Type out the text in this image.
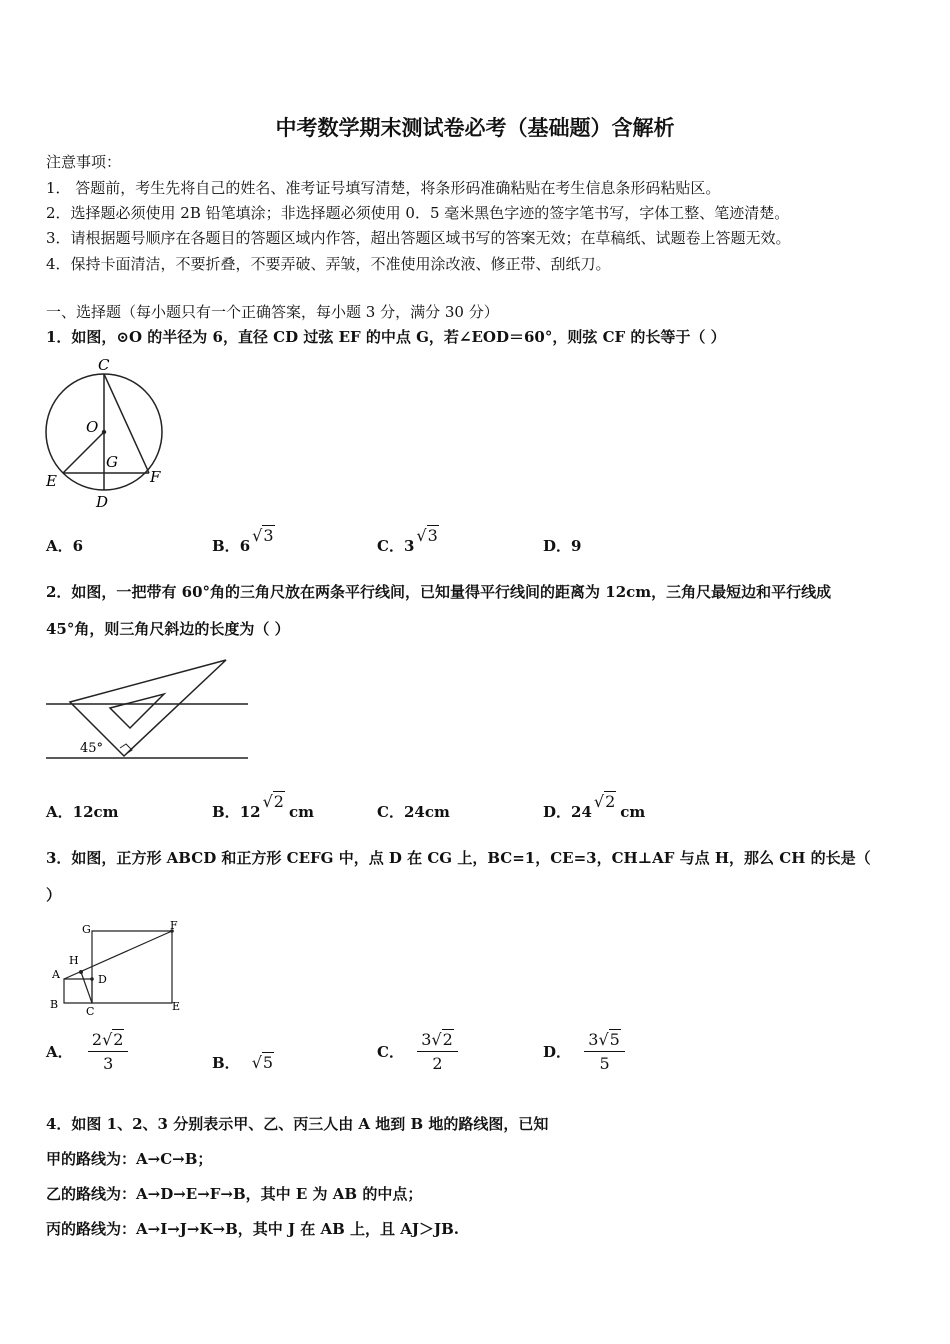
中考数学期末测试卷必考（基础题）含解析
注意事项：
1． 答题前，考生先将自己的姓名、准考证号填写清楚，将条形码准确粘贴在考生信息条形码粘贴区。
2．选择题必须使用 2B 铅笔填涂；非选择题必须使用 0．5 毫米黑色字迹的签字笔书写，字体工整、笔迹清楚。
3．请根据题号顺序在各题目的答题区域内作答，超出答题区域书写的答案无效；在草稿纸、试题卷上答题无效。
4．保持卡面清洁，不要折叠，不要弄破、弄皱，不准使用涂改液、修正带、刮纸刀。
一、选择题（每小题只有一个正确答案，每小题 3 分，满分 30 分）
1．如图，⊙O 的半径为 6，直径 CD 过弦 EF 的中点 G，若∠EOD＝60°，则弦 CF 的长等于（ ）
C
O
G
E	F
D
A．6	B．6√3
C．3√3
D．9
2．如图，一把带有 60°角的三角尺放在两条平行线间，已知量得平行线间的距离为 12cm，三角尺最短边和平行线成
45°角，则三角尺斜边的长度为（ ）
45°
A．12cm	B．12√2cm	C．24cm	D．24√2cm
3．如图，正方形 ABCD 和正方形 CEFG 中，点 D 在 CG 上，BC=1，CE=3，CH⊥AF 与点 H，那么 CH 的长是（
）
G	F
H
A	D
B
C	E
A． $\frac{2√2}{3}$	B． √5
C． $\frac{3√2}{2}$	D． $\frac{3√5}{5}$
4．如图 1、2、3 分别表示甲、乙、丙三人由 A 地到 B 地的路线图，已知
甲的路线为：A→C→B；
乙的路线为：A→D→E→F→B，其中 E 为 AB 的中点；
丙的路线为：A→I→J→K→B，其中 J 在 AB 上，且 AJ＞JB.
